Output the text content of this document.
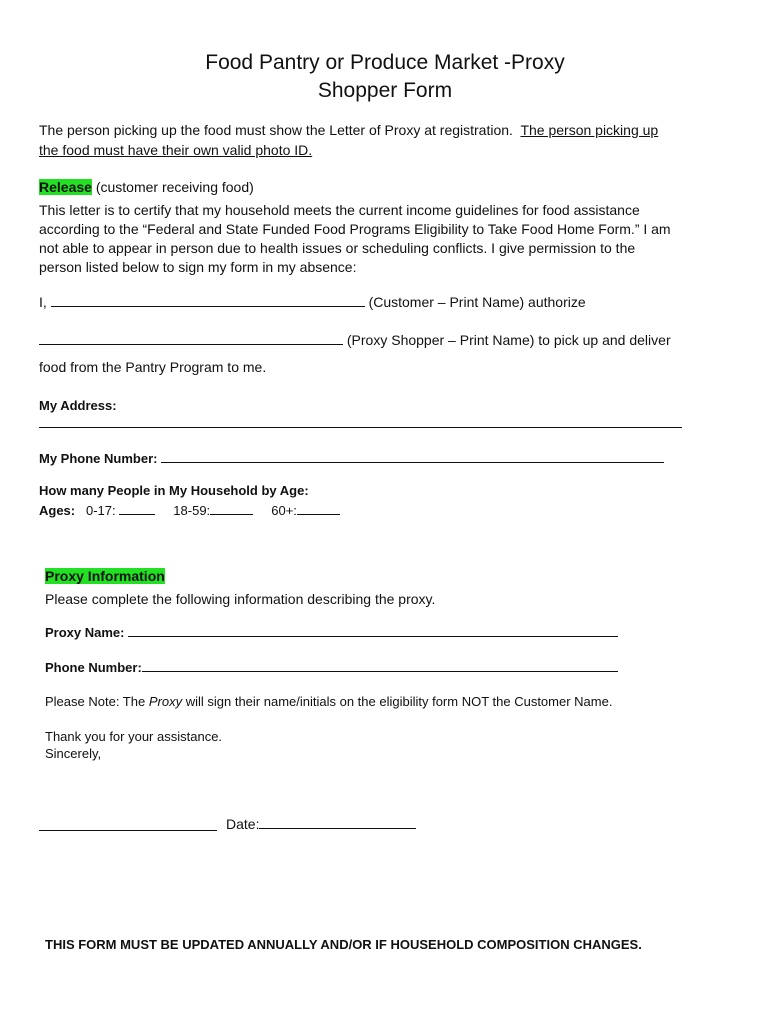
Food Pantry or Produce Market -Proxy
Shopper Form
The person picking up the food must show the Letter of Proxy at registration. The person picking up
the food must have their own valid photo ID.
Release (customer receiving food)
This letter is to certify that my household meets the current income guidelines for food assistance
according to the “Federal and State Funded Food Programs Eligibility to Take Food Home Form.” I am
not able to appear in person due to health issues or scheduling conflicts. I give permission to the
person listed below to sign my form in my absence:
I,	(Customer – Print Name) authorize
(Proxy Shopper – Print Name) to pick up and deliver
food from the Pantry Program to me.
My Address:
My Phone Number:
How many People in My Household by Age:
Ages: 0-17:	18-59:	60+:
Proxy Information
Please complete the following information describing the proxy.
Proxy Name:
Phone Number:
Please Note: The Proxy will sign their name/initials on the eligibility form NOT the Customer Name.
Thank you for your assistance.
Sincerely,
Date:
THIS FORM MUST BE UPDATED ANNUALLY AND/OR IF HOUSEHOLD COMPOSITION CHANGES.
